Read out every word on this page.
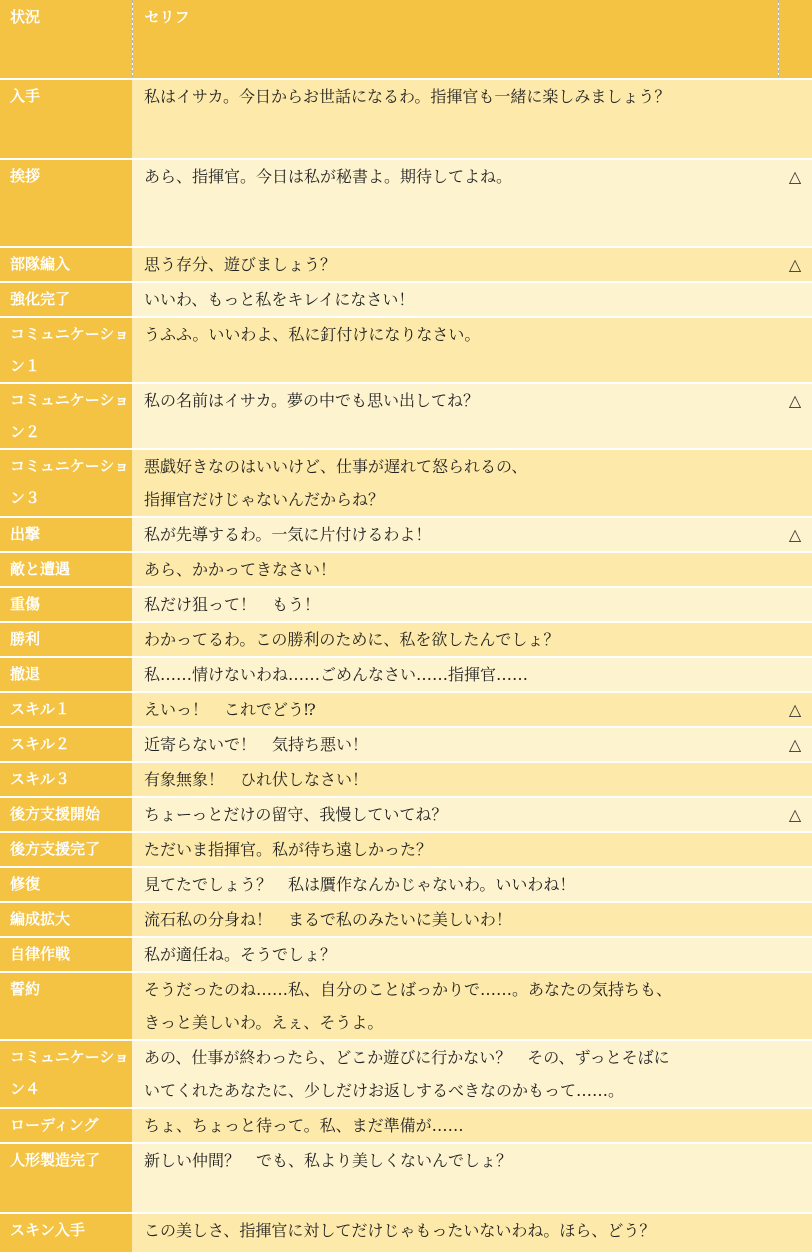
状況	セリフ	

入手	私はイサカ。今日からお世話になるわ。指揮官も一緒に楽しみましょう？	
挨拶	あら、指揮官。今日は私が秘書よ。期待してよね。	△
部隊編入	思う存分、遊びましょう？	△
強化完了	いいわ、もっと私をキレイになさい！	
コミュニケーション１	うふふ。いいわよ、私に釘付けになりなさい。	
コミュニケーション２	私の名前はイサカ。夢の中でも思い出してね？	△
コミュニケーション３	悪戯好きなのはいいけど、仕事が遅れて怒られるの、
指揮官だけじゃないんだからね？	
出撃	私が先導するわ。一気に片付けるわよ！	△
敵と遭遇	あら、かかってきなさい！	
重傷	私だけ狙って！　もう！	
勝利	わかってるわ。この勝利のために、私を欲したんでしょ？	
撤退	私……情けないわね……ごめんなさい……指揮官……	
スキル１	えいっ！　これでどう⁉	△
スキル２	近寄らないで！　気持ち悪い！	△
スキル３	有象無象！　ひれ伏しなさい！	
後方支援開始	ちょーっとだけの留守、我慢していてね？	△
後方支援完了	ただいま指揮官。私が待ち遠しかった？	
修復	見てたでしょう？　私は贋作なんかじゃないわ。いいわね！	
編成拡大	流石私の分身ね！　まるで私のみたいに美しいわ！	
自律作戦	私が適任ね。そうでしょ？	
誓約	そうだったのね……私、自分のことばっかりで……。あなたの気持ちも、
きっと美しいわ。えぇ、そうよ。	
コミュニケーション４	あの、仕事が終わったら、どこか遊びに行かない？　その、ずっとそばに
いてくれたあなたに、少しだけお返しするべきなのかもって……。	
ローディング	ちょ、ちょっと待って。私、まだ準備が……	
人形製造完了	新しい仲間？　でも、私より美しくないんでしょ？	
スキン入手	この美しさ、指揮官に対してだけじゃもったいないわね。ほら、どう？	
